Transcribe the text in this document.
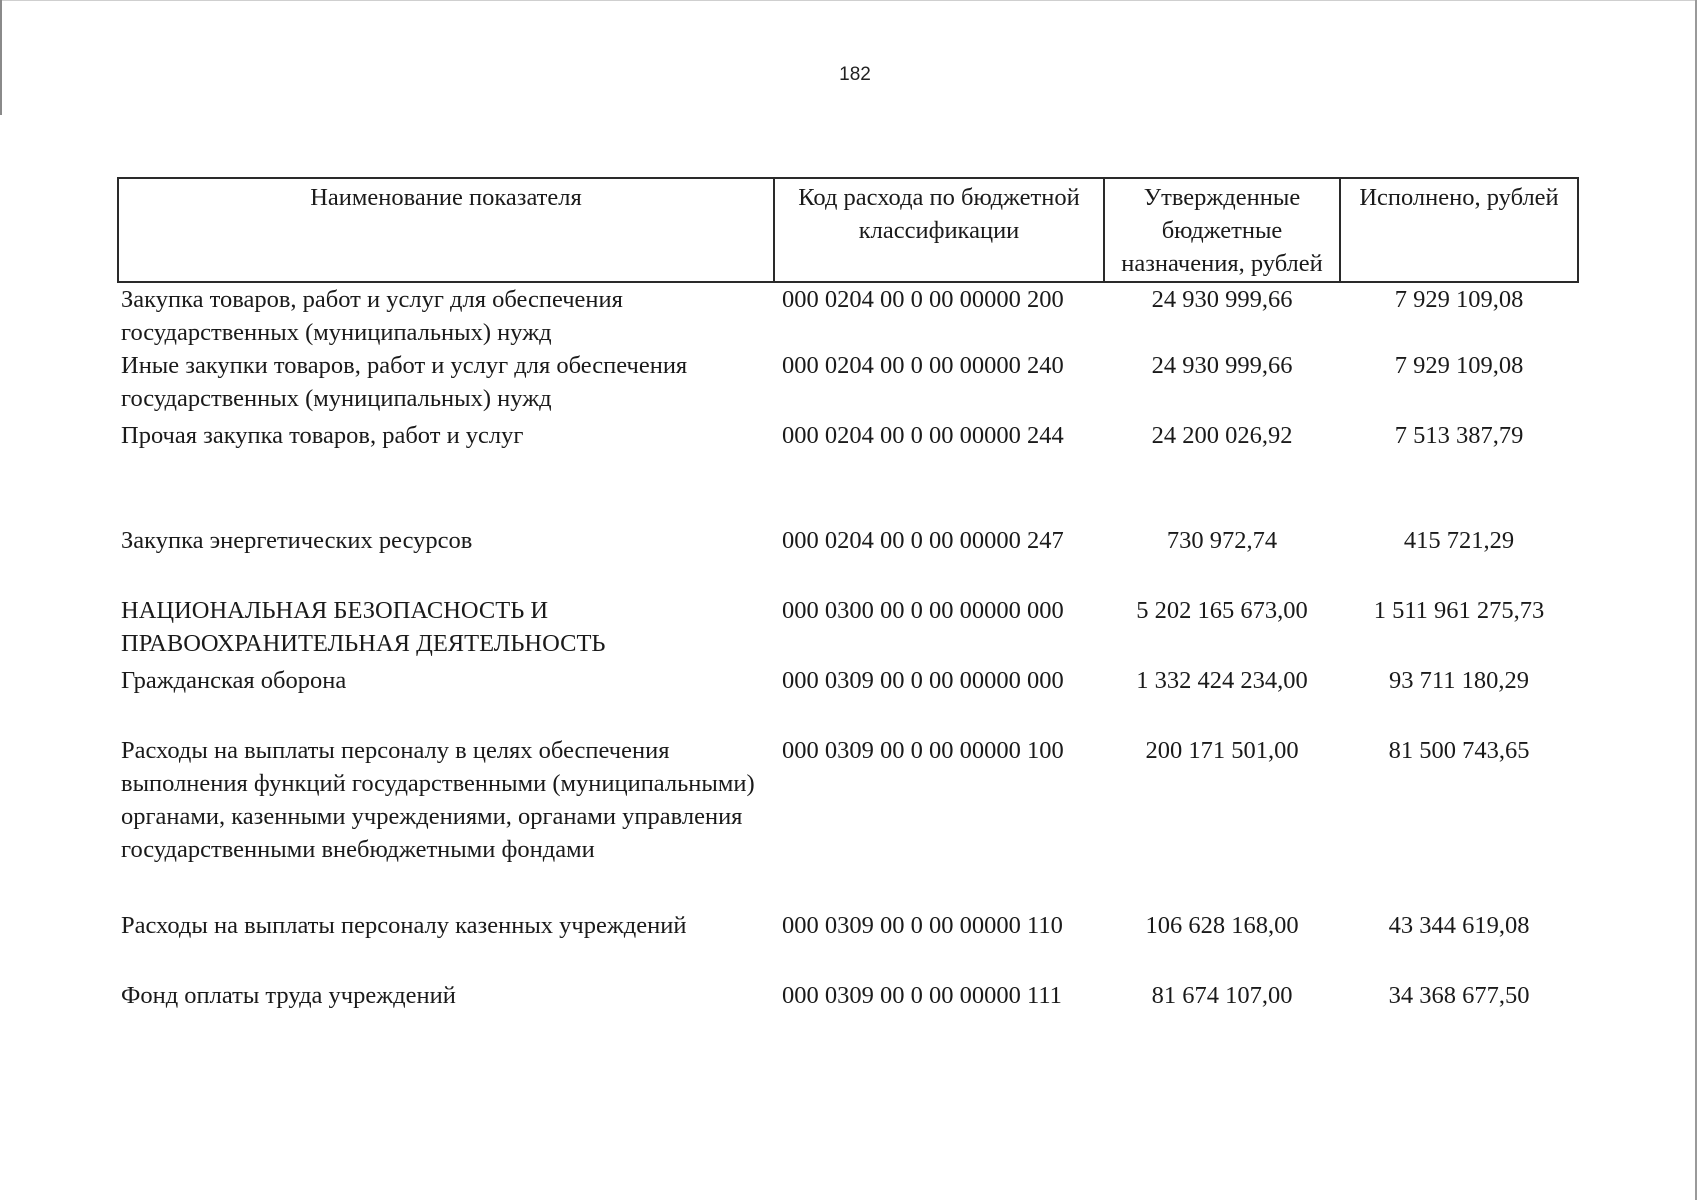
182
Наименование показателя	Код расхода по бюджетной классификации	Утвержденные бюджетные назначения, рублей	Исполнено, рублей
Закупка товаров, работ и услуг для обеспечения государственных (муниципальных) нужд	000 0204 00 0 00 00000 200	24 930 999,66	7 929 109,08
Иные закупки товаров, работ и услуг для обеспечения государственных (муниципальных) нужд	000 0204 00 0 00 00000 240	24 930 999,66	7 929 109,08
Прочая закупка товаров, работ и услуг	000 0204 00 0 00 00000 244	24 200 026,92	7 513 387,79
Закупка энергетических ресурсов	000 0204 00 0 00 00000 247	730 972,74	415 721,29
НАЦИОНАЛЬНАЯ БЕЗОПАСНОСТЬ И ПРАВООХРАНИТЕЛЬНАЯ ДЕЯТЕЛЬНОСТЬ	000 0300 00 0 00 00000 000	5 202 165 673,00	1 511 961 275,73
Гражданская оборона	000 0309 00 0 00 00000 000	1 332 424 234,00	93 711 180,29
Расходы на выплаты персоналу в целях обеспечения выполнения функций государственными (муниципальными) органами, казенными учреждениями, органами управления государственными внебюджетными фондами	000 0309 00 0 00 00000 100	200 171 501,00	81 500 743,65
Расходы на выплаты персоналу казенных учреждений	000 0309 00 0 00 00000 110	106 628 168,00	43 344 619,08
Фонд оплаты труда учреждений	000 0309 00 0 00 00000 111	81 674 107,00	34 368 677,50
